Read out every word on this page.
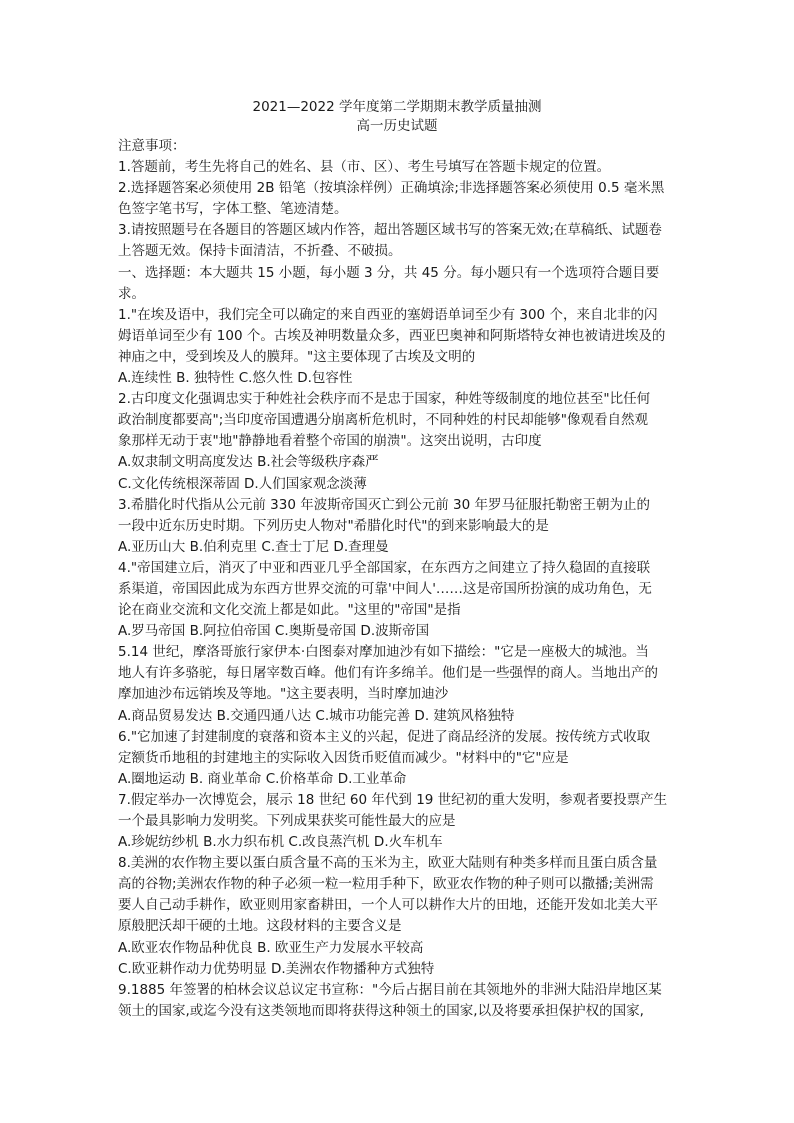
2021—2022 学年度第二学期期末教学质量抽测
高一历史试题
注意事项：
1.答题前，考生先将自己的姓名、县（市、区）、考生号填写在答题卡规定的位置。
2.选择题答案必须使用 2B 铅笔（按填涂样例）正确填涂;非选择题答案必须使用 0.5 毫米黑
色签字笔书写，字体工整、笔迹清楚。
3.请按照题号在各题目的答题区域内作答，超出答题区域书写的答案无效;在草稿纸、试题卷
上答题无效。保持卡面清洁，不折叠、不破损。
一、选择题：本大题共 15 小题，每小题 3 分，共 45 分。每小题只有一个选项符合题目要
求。
1."在埃及语中，我们完全可以确定的来自西亚的塞姆语单词至少有 300 个，来自北非的闪
姆语单词至少有 100 个。古埃及神明数量众多，西亚巴奥神和阿斯塔特女神也被请进埃及的
神庙之中，受到埃及人的膜拜。"这主要体现了古埃及文明的
A.连续性 B. 独特性 C.悠久性 D.包容性
2.古印度文化强调忠实于种姓社会秩序而不是忠于国家，种姓等级制度的地位甚至"比任何
政治制度都要高";当印度帝国遭遇分崩离析危机时，不同种姓的村民却能够"像观看自然观
象那样无动于衷"地"静静地看着整个帝国的崩溃"。这突出说明，古印度
A.奴隶制文明高度发达 B.社会等级秩序森严
C.文化传统根深蒂固 D.人们国家观念淡薄
3.希腊化时代指从公元前 330 年波斯帝国灭亡到公元前 30 年罗马征服托勒密王朝为止的
一段中近东历史时期。下列历史人物对"希腊化时代"的到来影响最大的是
A.亚历山大 B.伯利克里 C.查士丁尼 D.查理曼
4."帝国建立后，消灭了中亚和西亚几乎全部国家，在东西方之间建立了持久稳固的直接联
系渠道，帝国因此成为东西方世界交流的可靠'中间人'……这是帝国所扮演的成功角色，无
论在商业交流和文化交流上都是如此。"这里的"帝国"是指
A.罗马帝国 B.阿拉伯帝国 C.奥斯曼帝国 D.波斯帝国
5.14 世纪，摩洛哥旅行家伊本·白图泰对摩加迪沙有如下描绘："它是一座极大的城池。当
地人有许多骆驼，每日屠宰数百峰。他们有许多绵羊。他们是一些强悍的商人。当地出产的
摩加迪沙布远销埃及等地。"这主要表明，当时摩加迪沙
A.商品贸易发达 B.交通四通八达 C.城市功能完善 D. 建筑风格独特
6."它加速了封建制度的衰落和资本主义的兴起，促进了商品经济的发展。按传统方式收取
定额货币地租的封建地主的实际收入因货币贬值而减少。"材料中的"它"应是
A.圈地运动 B. 商业革命 C.价格革命 D.工业革命
7.假定举办一次博览会，展示 18 世纪 60 年代到 19 世纪初的重大发明，参观者要投票产生
一个最具影响力发明奖。下列成果获奖可能性最大的应是
A.珍妮纺纱机 B.水力织布机 C.改良蒸汽机 D.火车机车
8.美洲的农作物主要以蛋白质含量不高的玉米为主，欧亚大陆则有种类多样而且蛋白质含量
高的谷物;美洲农作物的种子必须一粒一粒用手种下，欧亚农作物的种子则可以撒播;美洲需
要人自己动手耕作，欧亚则用家畜耕田，一个人可以耕作大片的田地，还能开发如北美大平
原般肥沃却干硬的土地。这段材料的主要含义是
A.欧亚农作物品种优良 B. 欧亚生产力发展水平较高
C.欧亚耕作动力优势明显 D.美洲农作物播种方式独特
9.1885 年签署的柏林会议总议定书宣称："今后占据目前在其领地外的非洲大陆沿岸地区某
领土的国家,或迄今没有这类领地而即将获得这种领土的国家,以及将要承担保护权的国家,
